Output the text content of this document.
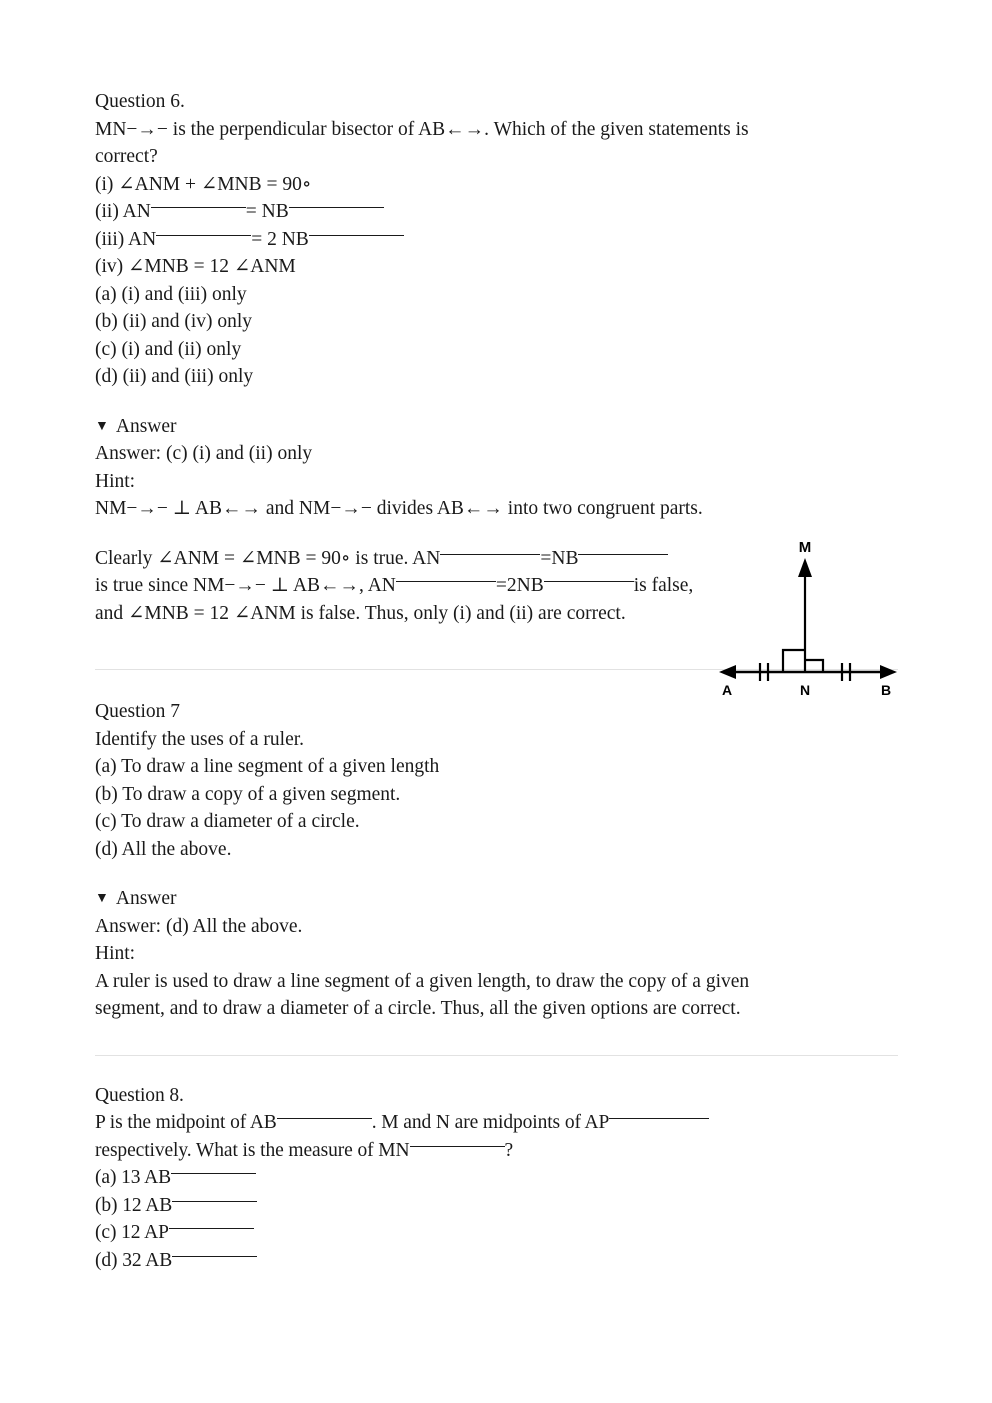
Question 6.
MN−→− is the perpendicular bisector of AB←→. Which of the given statements is
correct?
(i) ∠ANM + ∠MNB = 90∘
(ii) AN	= NB
(iii) AN	= 2 NB
(iv) ∠MNB = 12 ∠ANM
(a) (i) and (iii) only
(b) (ii) and (iv) only
(c) (i) and (ii) only
(d) (ii) and (iii) only
▼ Answer
Answer: (c) (i) and (ii) only
Hint:
NM−→− ⊥ AB←→ and NM−→− divides AB←→ into two congruent parts.
Clearly ∠ANM = ∠MNB = 90∘ is true. AN	=NBis true since NM−→− ⊥ AB←→, AN	=2NB	is false, and ∠MNB = 12 ∠ANM is false. Thus, only (i) and (ii) are correct.
Question 7
Identify the uses of a ruler.
(a) To draw a line segment of a given length
(b) To draw a copy of a given segment.
(c) To draw a diameter of a circle.
(d) All the above.
▼ Answer
Answer: (d) All the above.
Hint:
A ruler is used to draw a line segment of a given length, to draw the copy of a given
segment, and to draw a diameter of a circle. Thus, all the given options are correct.
Question 8.
P is the midpoint of AB	. M and N are midpoints of AP
respectively. What is the measure of MN	?
(a) 13 AB
(b) 12 AB
(c) 12 AP
(d) 32 AB
M
N
A	B
